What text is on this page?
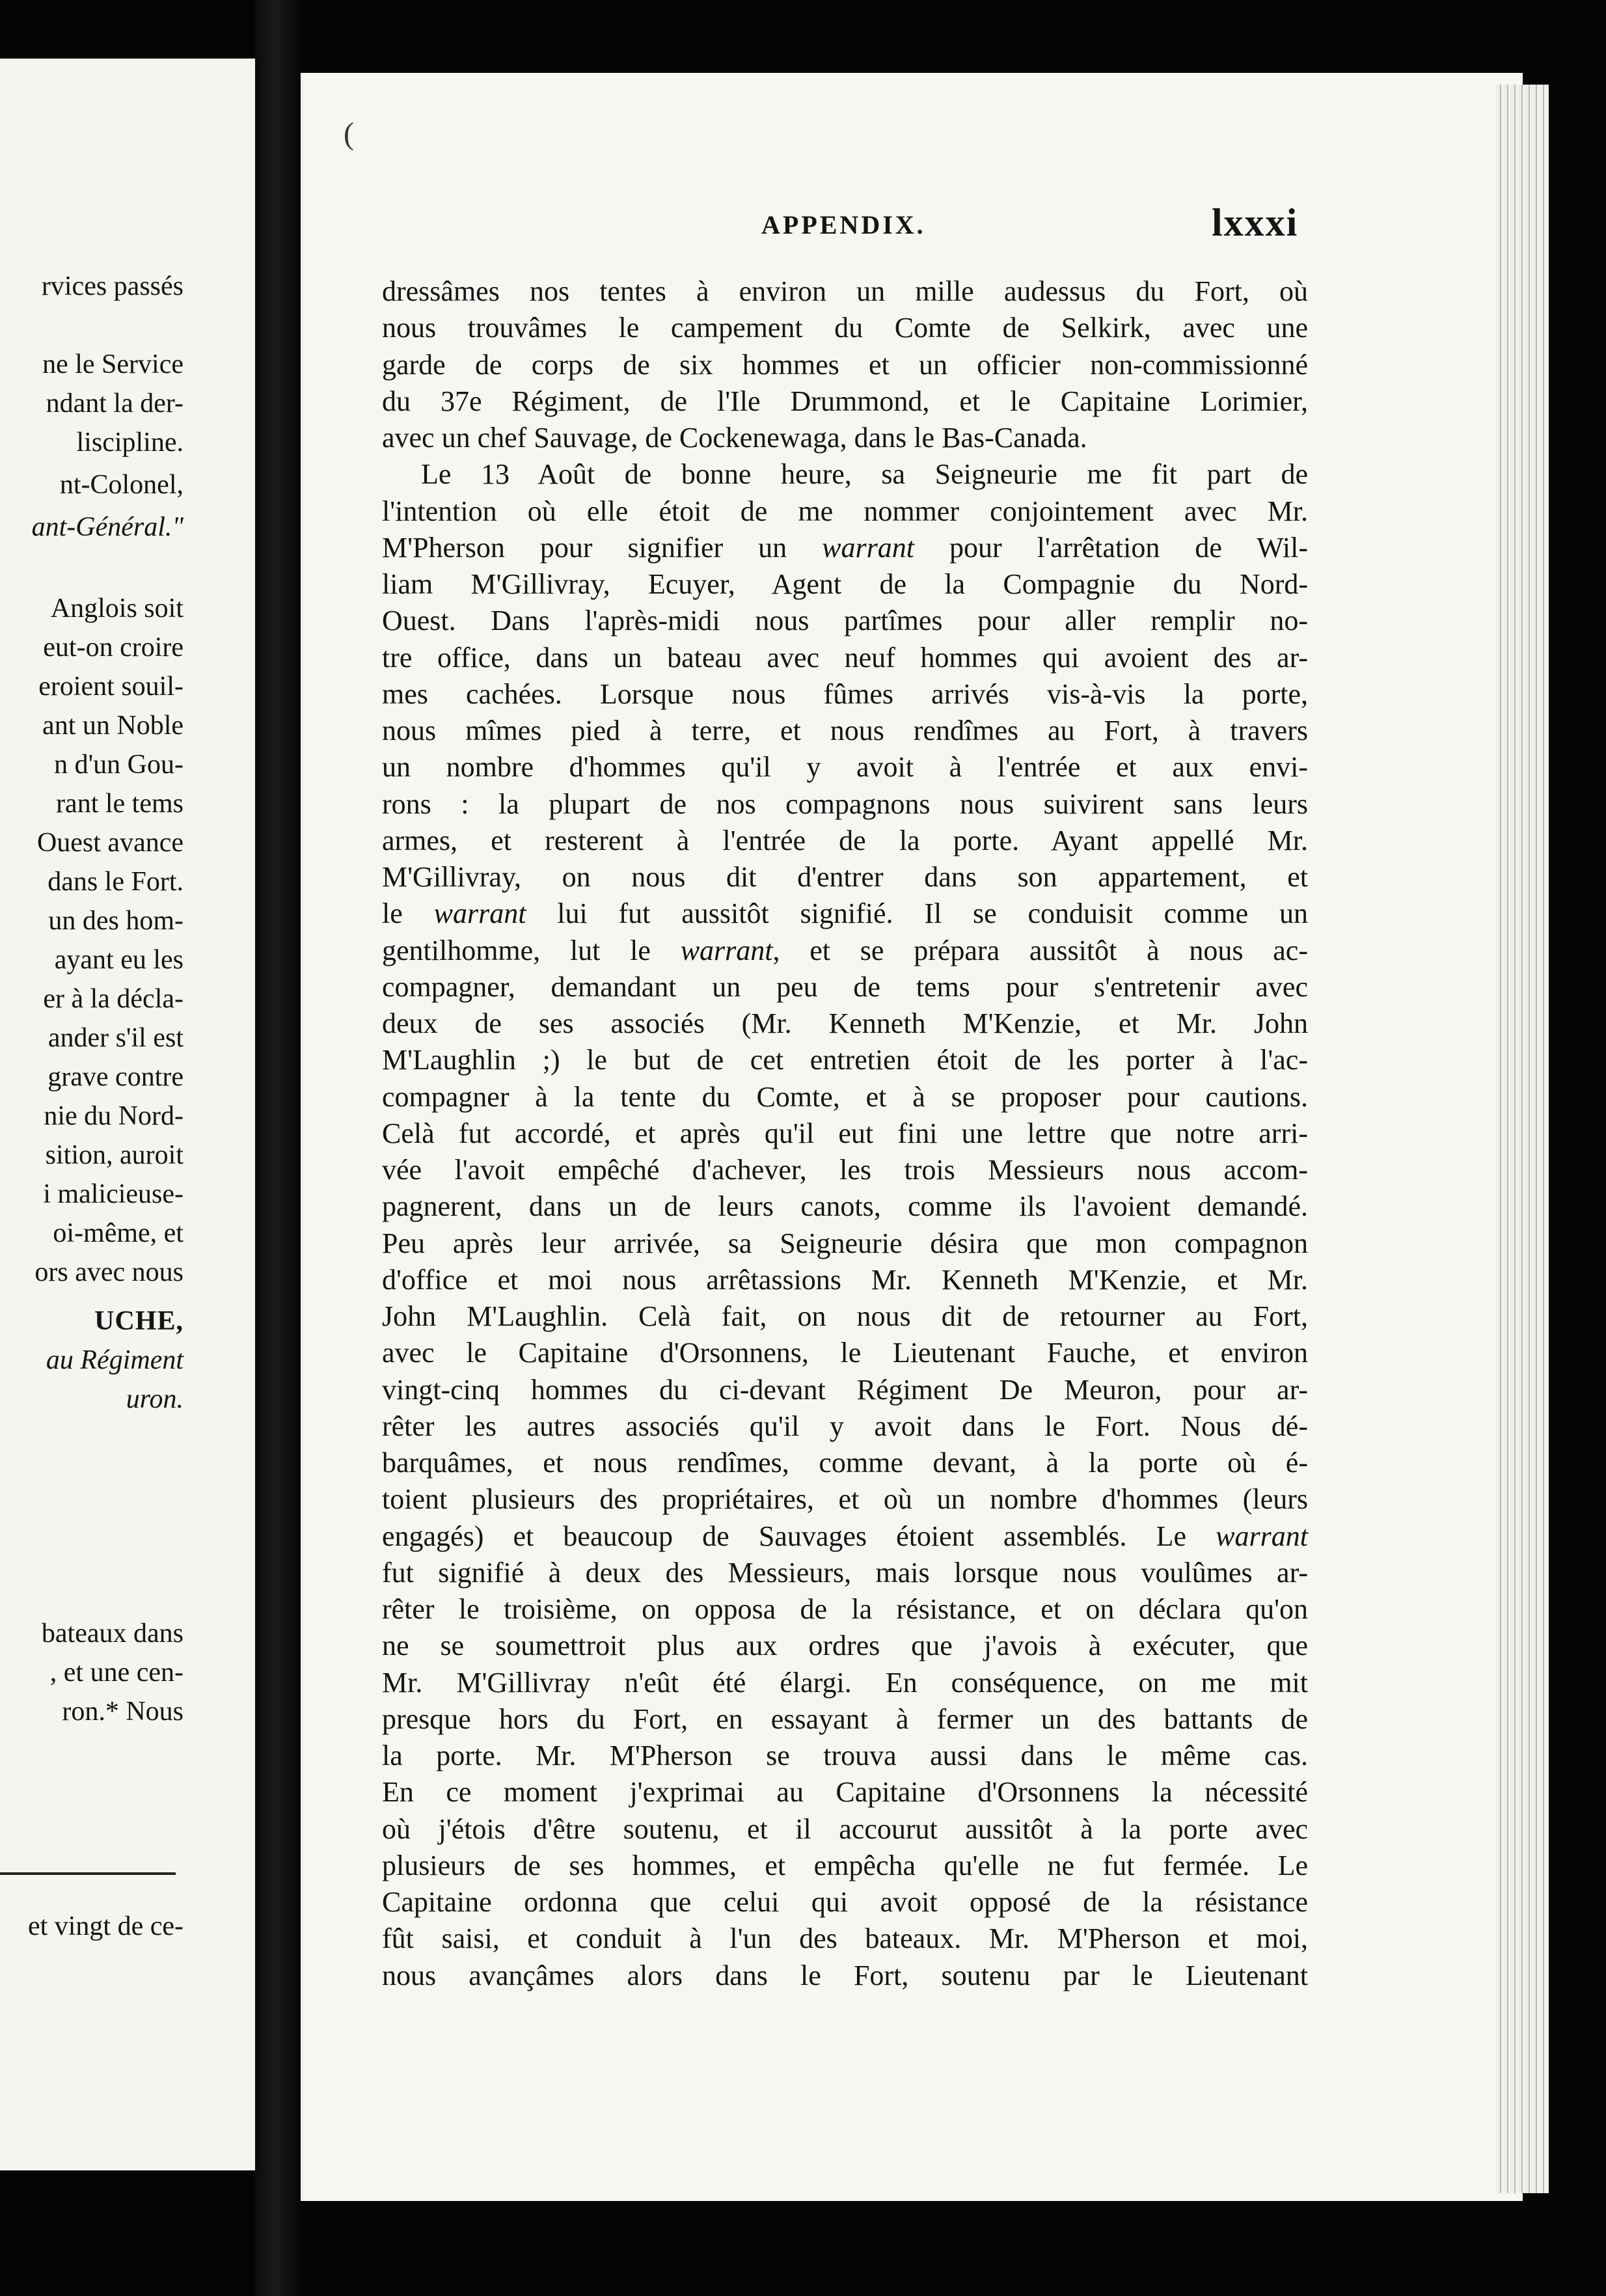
rvices passés
ne le Service
ndant la der-
liscipline.
nt-Colonel,
ant-Général."
Anglois soit
eut-on croire
eroient souil-
ant un Noble
n d'un Gou-
rant le tems
Ouest avance
dans le Fort.
un des hom-
ayant eu les
er à la décla-
ander s'il est
grave contre
nie du Nord-
sition, auroit
i malicieuse-
oi-même, et
ors avec nous
UCHE,
au Régiment
uron.
bateaux dans
, et une cen-
ron.* Nous
et vingt de ce-
(
APPENDIX.	lxxxi
dressâmes nos tentes à environ un mille audessus du Fort, où
nous trouvâmes le campement du Comte de Selkirk, avec une
garde de corps de six hommes et un officier non-commissionné
du 37e Régiment, de l'Ile Drummond, et le Capitaine Lorimier,
avec un chef Sauvage, de Cockenewaga, dans le Bas-Canada.
Le 13 Août de bonne heure, sa Seigneurie me fit part de
l'intention où elle étoit de me nommer conjointement avec Mr.
M'Pherson pour signifier un warrant pour l'arrêtation de Wil-
liam M'Gillivray, Ecuyer, Agent de la Compagnie du Nord-
Ouest. Dans l'après-midi nous partîmes pour aller remplir no-
tre office, dans un bateau avec neuf hommes qui avoient des ar-
mes cachées. Lorsque nous fûmes arrivés vis-à-vis la porte,
nous mîmes pied à terre, et nous rendîmes au Fort, à travers
un nombre d'hommes qu'il y avoit à l'entrée et aux envi-
rons : la plupart de nos compagnons nous suivirent sans leurs
armes, et resterent à l'entrée de la porte. Ayant appellé Mr.
M'Gillivray, on nous dit d'entrer dans son appartement, et
le warrant lui fut aussitôt signifié. Il se conduisit comme un
gentilhomme, lut le warrant, et se prépara aussitôt à nous ac-
compagner, demandant un peu de tems pour s'entretenir avec
deux de ses associés (Mr. Kenneth M'Kenzie, et Mr. John
M'Laughlin ;) le but de cet entretien étoit de les porter à l'ac-
compagner à la tente du Comte, et à se proposer pour cautions.
Celà fut accordé, et après qu'il eut fini une lettre que notre arri-
vée l'avoit empêché d'achever, les trois Messieurs nous accom-
pagnerent, dans un de leurs canots, comme ils l'avoient demandé.
Peu après leur arrivée, sa Seigneurie désira que mon compagnon
d'office et moi nous arrêtassions Mr. Kenneth M'Kenzie, et Mr.
John M'Laughlin. Celà fait, on nous dit de retourner au Fort,
avec le Capitaine d'Orsonnens, le Lieutenant Fauche, et environ
vingt-cinq hommes du ci-devant Régiment De Meuron, pour ar-
rêter les autres associés qu'il y avoit dans le Fort. Nous dé-
barquâmes, et nous rendîmes, comme devant, à la porte où é-
toient plusieurs des propriétaires, et où un nombre d'hommes (leurs
engagés) et beaucoup de Sauvages étoient assemblés. Le warrant
fut signifié à deux des Messieurs, mais lorsque nous voulûmes ar-
rêter le troisième, on opposa de la résistance, et on déclara qu'on
ne se soumettroit plus aux ordres que j'avois à exécuter, que
Mr. M'Gillivray n'eût été élargi. En conséquence, on me mit
presque hors du Fort, en essayant à fermer un des battants de
la porte. Mr. M'Pherson se trouva aussi dans le même cas.
En ce moment j'exprimai au Capitaine d'Orsonnens la nécessité
où j'étois d'être soutenu, et il accourut aussitôt à la porte avec
plusieurs de ses hommes, et empêcha qu'elle ne fut fermée. Le
Capitaine ordonna que celui qui avoit opposé de la résistance
fût saisi, et conduit à l'un des bateaux. Mr. M'Pherson et moi,
nous avançâmes alors dans le Fort, soutenu par le Lieutenant
